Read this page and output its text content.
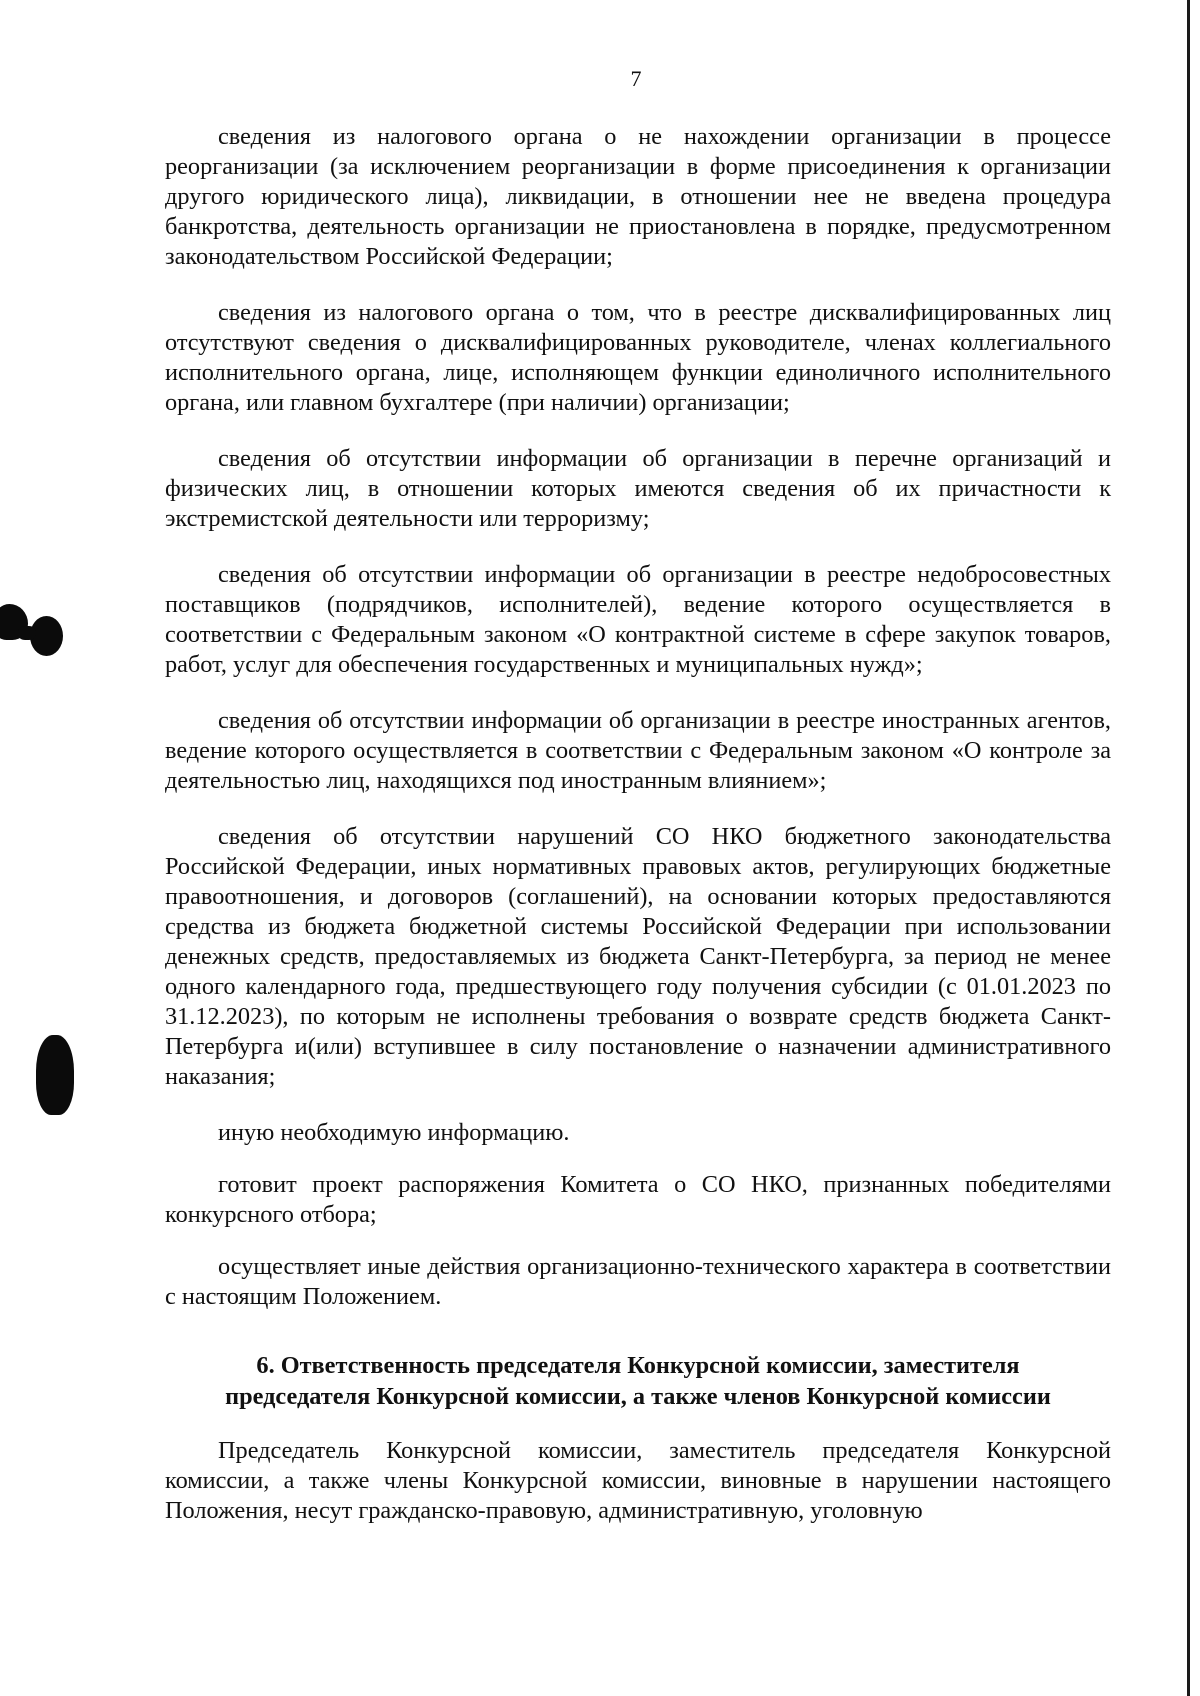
7

сведения из налогового органа о не нахождении организации в процессе реорганизации (за исключением реорганизации в форме присоединения к организации другого юридического лица), ликвидации, в отношении нее не введена процедура банкротства, деятельность организации не приостановлена в порядке, предусмотренном законодательством Российской Федерации;

сведения из налогового органа о том, что в реестре дисквалифицированных лиц отсутствуют сведения о дисквалифицированных руководителе, членах коллегиального исполнительного органа, лице, исполняющем функции единоличного исполнительного органа, или главном бухгалтере (при наличии) организации;

сведения об отсутствии информации об организации в перечне организаций и физических лиц, в отношении которых имеются сведения об их причастности к экстремистской деятельности или терроризму;

сведения об отсутствии информации об организации в реестре недобросовестных поставщиков (подрядчиков, исполнителей), ведение которого осуществляется в соответствии с Федеральным законом «О контрактной системе в сфере закупок товаров, работ, услуг для обеспечения государственных и муниципальных нужд»;

сведения об отсутствии информации об организации в реестре иностранных агентов, ведение которого осуществляется в соответствии с Федеральным законом «О контроле за деятельностью лиц, находящихся под иностранным влиянием»;

сведения об отсутствии нарушений СО НКО бюджетного законодательства Российской Федерации, иных нормативных правовых актов, регулирующих бюджетные правоотношения, и договоров (соглашений), на основании которых предоставляются средства из бюджета бюджетной системы Российской Федерации при использовании денежных средств, предоставляемых из бюджета Санкт-Петербурга, за период не менее одного календарного года, предшествующего году получения субсидии (с 01.01.2023 по 31.12.2023), по которым не исполнены требования о возврате средств бюджета Санкт-Петербурга и(или) вступившее в силу постановление о назначении административного наказания;

иную необходимую информацию.

готовит проект распоряжения Комитета о СО НКО, признанных победителями конкурсного отбора;

осуществляет иные действия организационно-технического характера в соответствии с настоящим Положением.

6. Ответственность председателя Конкурсной комиссии, заместителя
председателя Конкурсной комиссии, а также членов Конкурсной комиссии

Председатель Конкурсной комиссии, заместитель председателя Конкурсной комиссии, а также члены Конкурсной комиссии, виновные в нарушении настоящего Положения, несут гражданско-правовую, административную, уголовную
